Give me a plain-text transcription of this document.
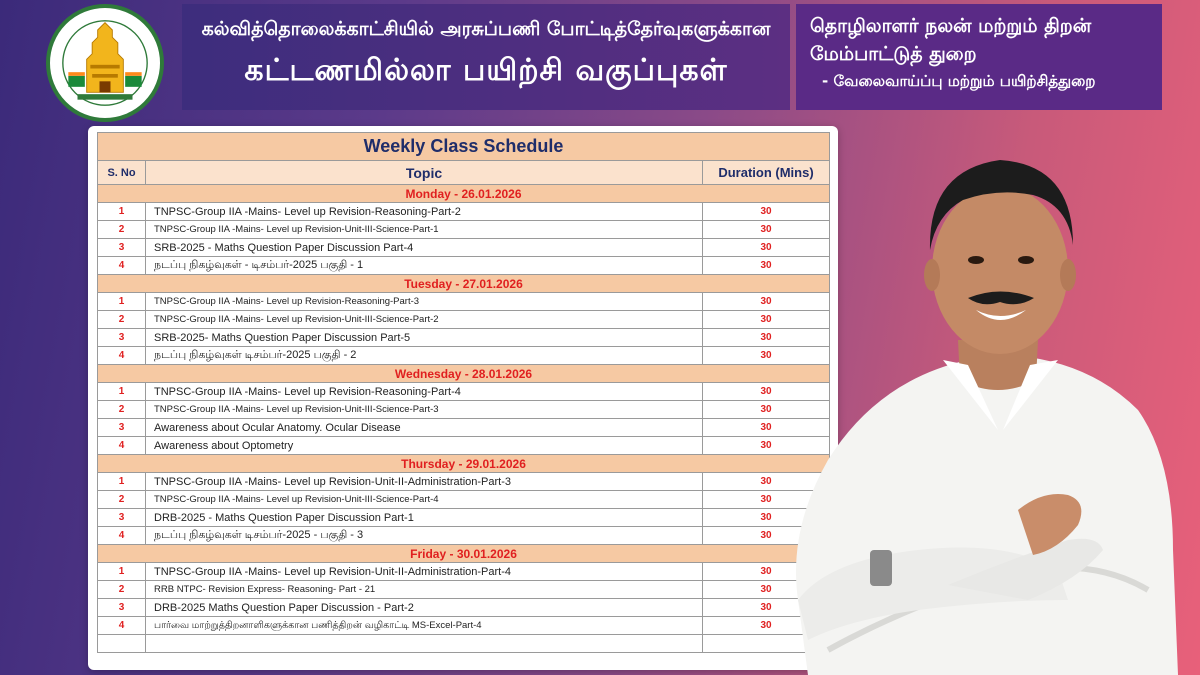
கல்வித்தொலைக்காட்சியில் அரசுப்பணி போட்டித்தேர்வுகளுக்கான
கட்டணமில்லா பயிற்சி வகுப்புகள்
தொழிலாளர் நலன் மற்றும் திறன்
மேம்பாட்டுத் துறை
- வேலைவாய்ப்பு மற்றும் பயிற்சித்துறை
Weekly Class Schedule		
S. No	Topic	Duration (Mins)
Monday - 26.01.2026		
1	TNPSC-Group IIA -Mains- Level up Revision-Reasoning-Part-2	30
2	TNPSC-Group IIA -Mains- Level up Revision-Unit-III-Science-Part-1	30
3	SRB-2025 - Maths Question Paper Discussion Part-4	30
4	நடப்பு நிகழ்வுகள் - டிசம்பர்-2025 பகுதி - 1	30
Tuesday - 27.01.2026		
1	TNPSC-Group IIA -Mains- Level up Revision-Reasoning-Part-3	30
2	TNPSC-Group IIA -Mains- Level up Revision-Unit-III-Science-Part-2	30
3	SRB-2025- Maths Question Paper Discussion Part-5	30
4	நடப்பு நிகழ்வுகள் டிசம்பர்-2025 பகுதி - 2	30
Wednesday - 28.01.2026		
1	TNPSC-Group IIA -Mains- Level up Revision-Reasoning-Part-4	30
2	TNPSC-Group IIA -Mains- Level up Revision-Unit-III-Science-Part-3	30
3	Awareness about Ocular Anatomy. Ocular Disease	30
4	Awareness about Optometry	30
Thursday - 29.01.2026		
1	TNPSC-Group IIA -Mains- Level up Revision-Unit-II-Administration-Part-3	30
2	TNPSC-Group IIA -Mains- Level up Revision-Unit-III-Science-Part-4	30
3	DRB-2025 - Maths Question Paper Discussion Part-1	30
4	நடப்பு நிகழ்வுகள் டிசம்பர்-2025 - பகுதி - 3	30
Friday - 30.01.2026		
1	TNPSC-Group IIA -Mains- Level up Revision-Unit-II-Administration-Part-4	30
2	RRB NTPC- Revision Express- Reasoning- Part - 21	30
3	DRB-2025 Maths Question Paper Discussion - Part-2	30
4	பார்வை மாற்றுத்திறனாளிகளுக்கான பணித்திறன் வழிகாட்டி MS-Excel-Part-4	30
